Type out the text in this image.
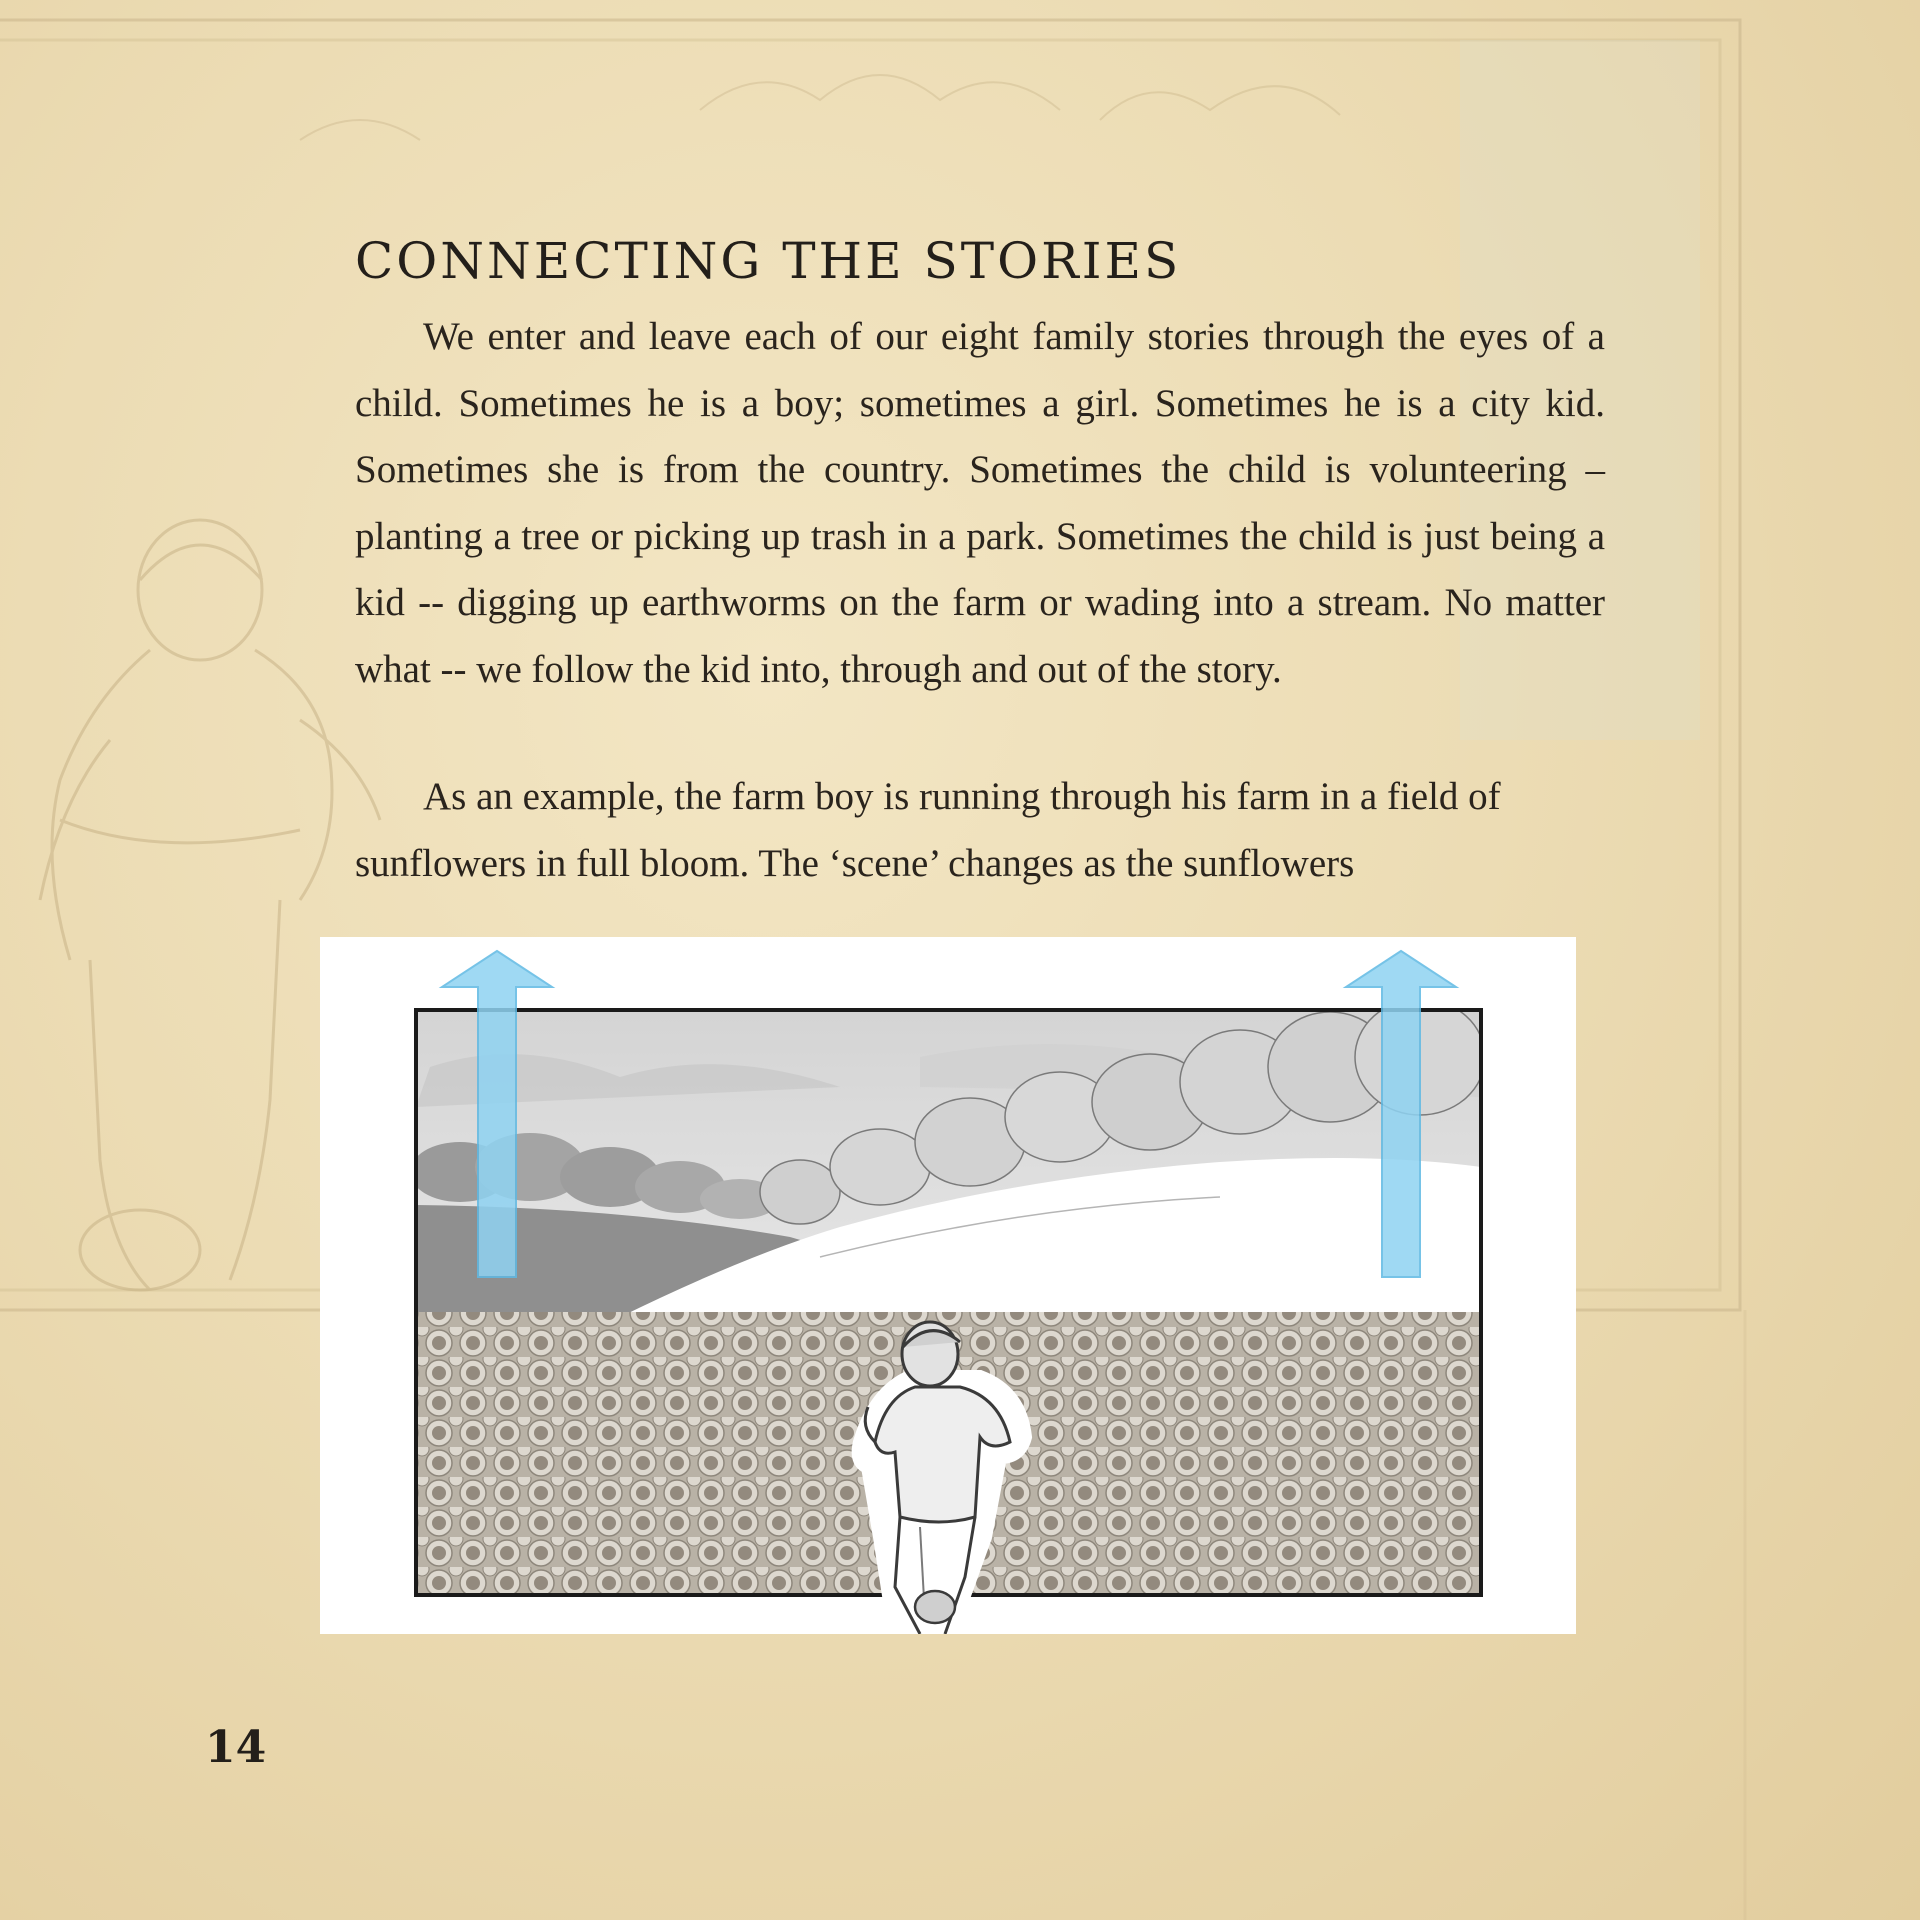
CONNECTING THE STORIES

We enter and leave each of our eight family stories through the eyes of a child. Sometimes he is a boy; sometimes a girl. Sometimes he is a city kid. Sometimes she is from the country. Sometimes the child is volunteering – planting a tree or picking up trash in a park. Sometimes the child is just being a kid -- digging up earthworms on the farm or wading into a stream. No matter what -- we follow the kid into, through and out of the story.

As an example, the farm boy is running through his farm in a field of sunflowers in full bloom. The ‘scene’ changes as the sunflowers

14
